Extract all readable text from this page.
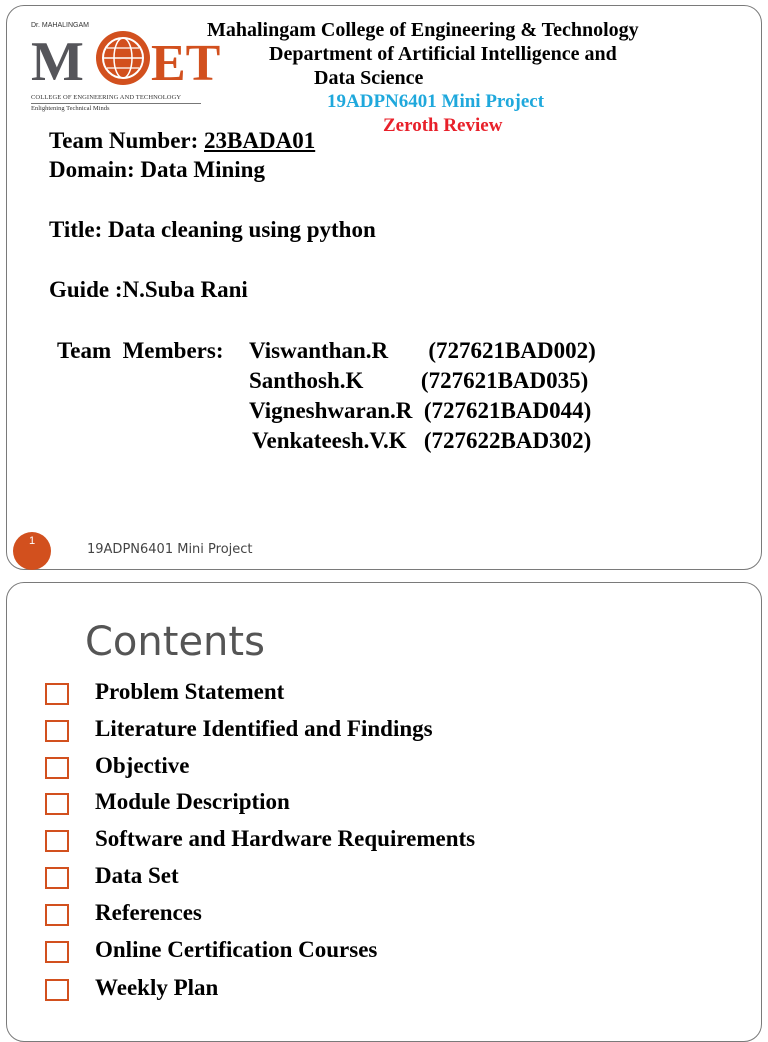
Dr. MAHALINGAM
M ET
COLLEGE OF ENGINEERING AND TECHNOLOGY
Enlightening Technical Minds
Mahalingam College of Engineering & Technology
Department of Artificial Intelligence and
Data Science
19ADPN6401 Mini Project
Zeroth Review
Team Number: 23BADA01
Domain: Data Mining
Title: Data cleaning using python
Guide :N.Suba Rani
Team  Members: Viswanthan.R       (727621BAD002)
Santhosh.K          (727621BAD035)
Vigneshwaran.R  (727621BAD044)
Venkateesh.V.K   (727622BAD302)
1
19ADPN6401 Mini Project
Contents
Problem Statement
Literature Identified and Findings
Objective
Module Description
Software and Hardware Requirements
Data Set
References
Online Certification Courses
Weekly Plan
